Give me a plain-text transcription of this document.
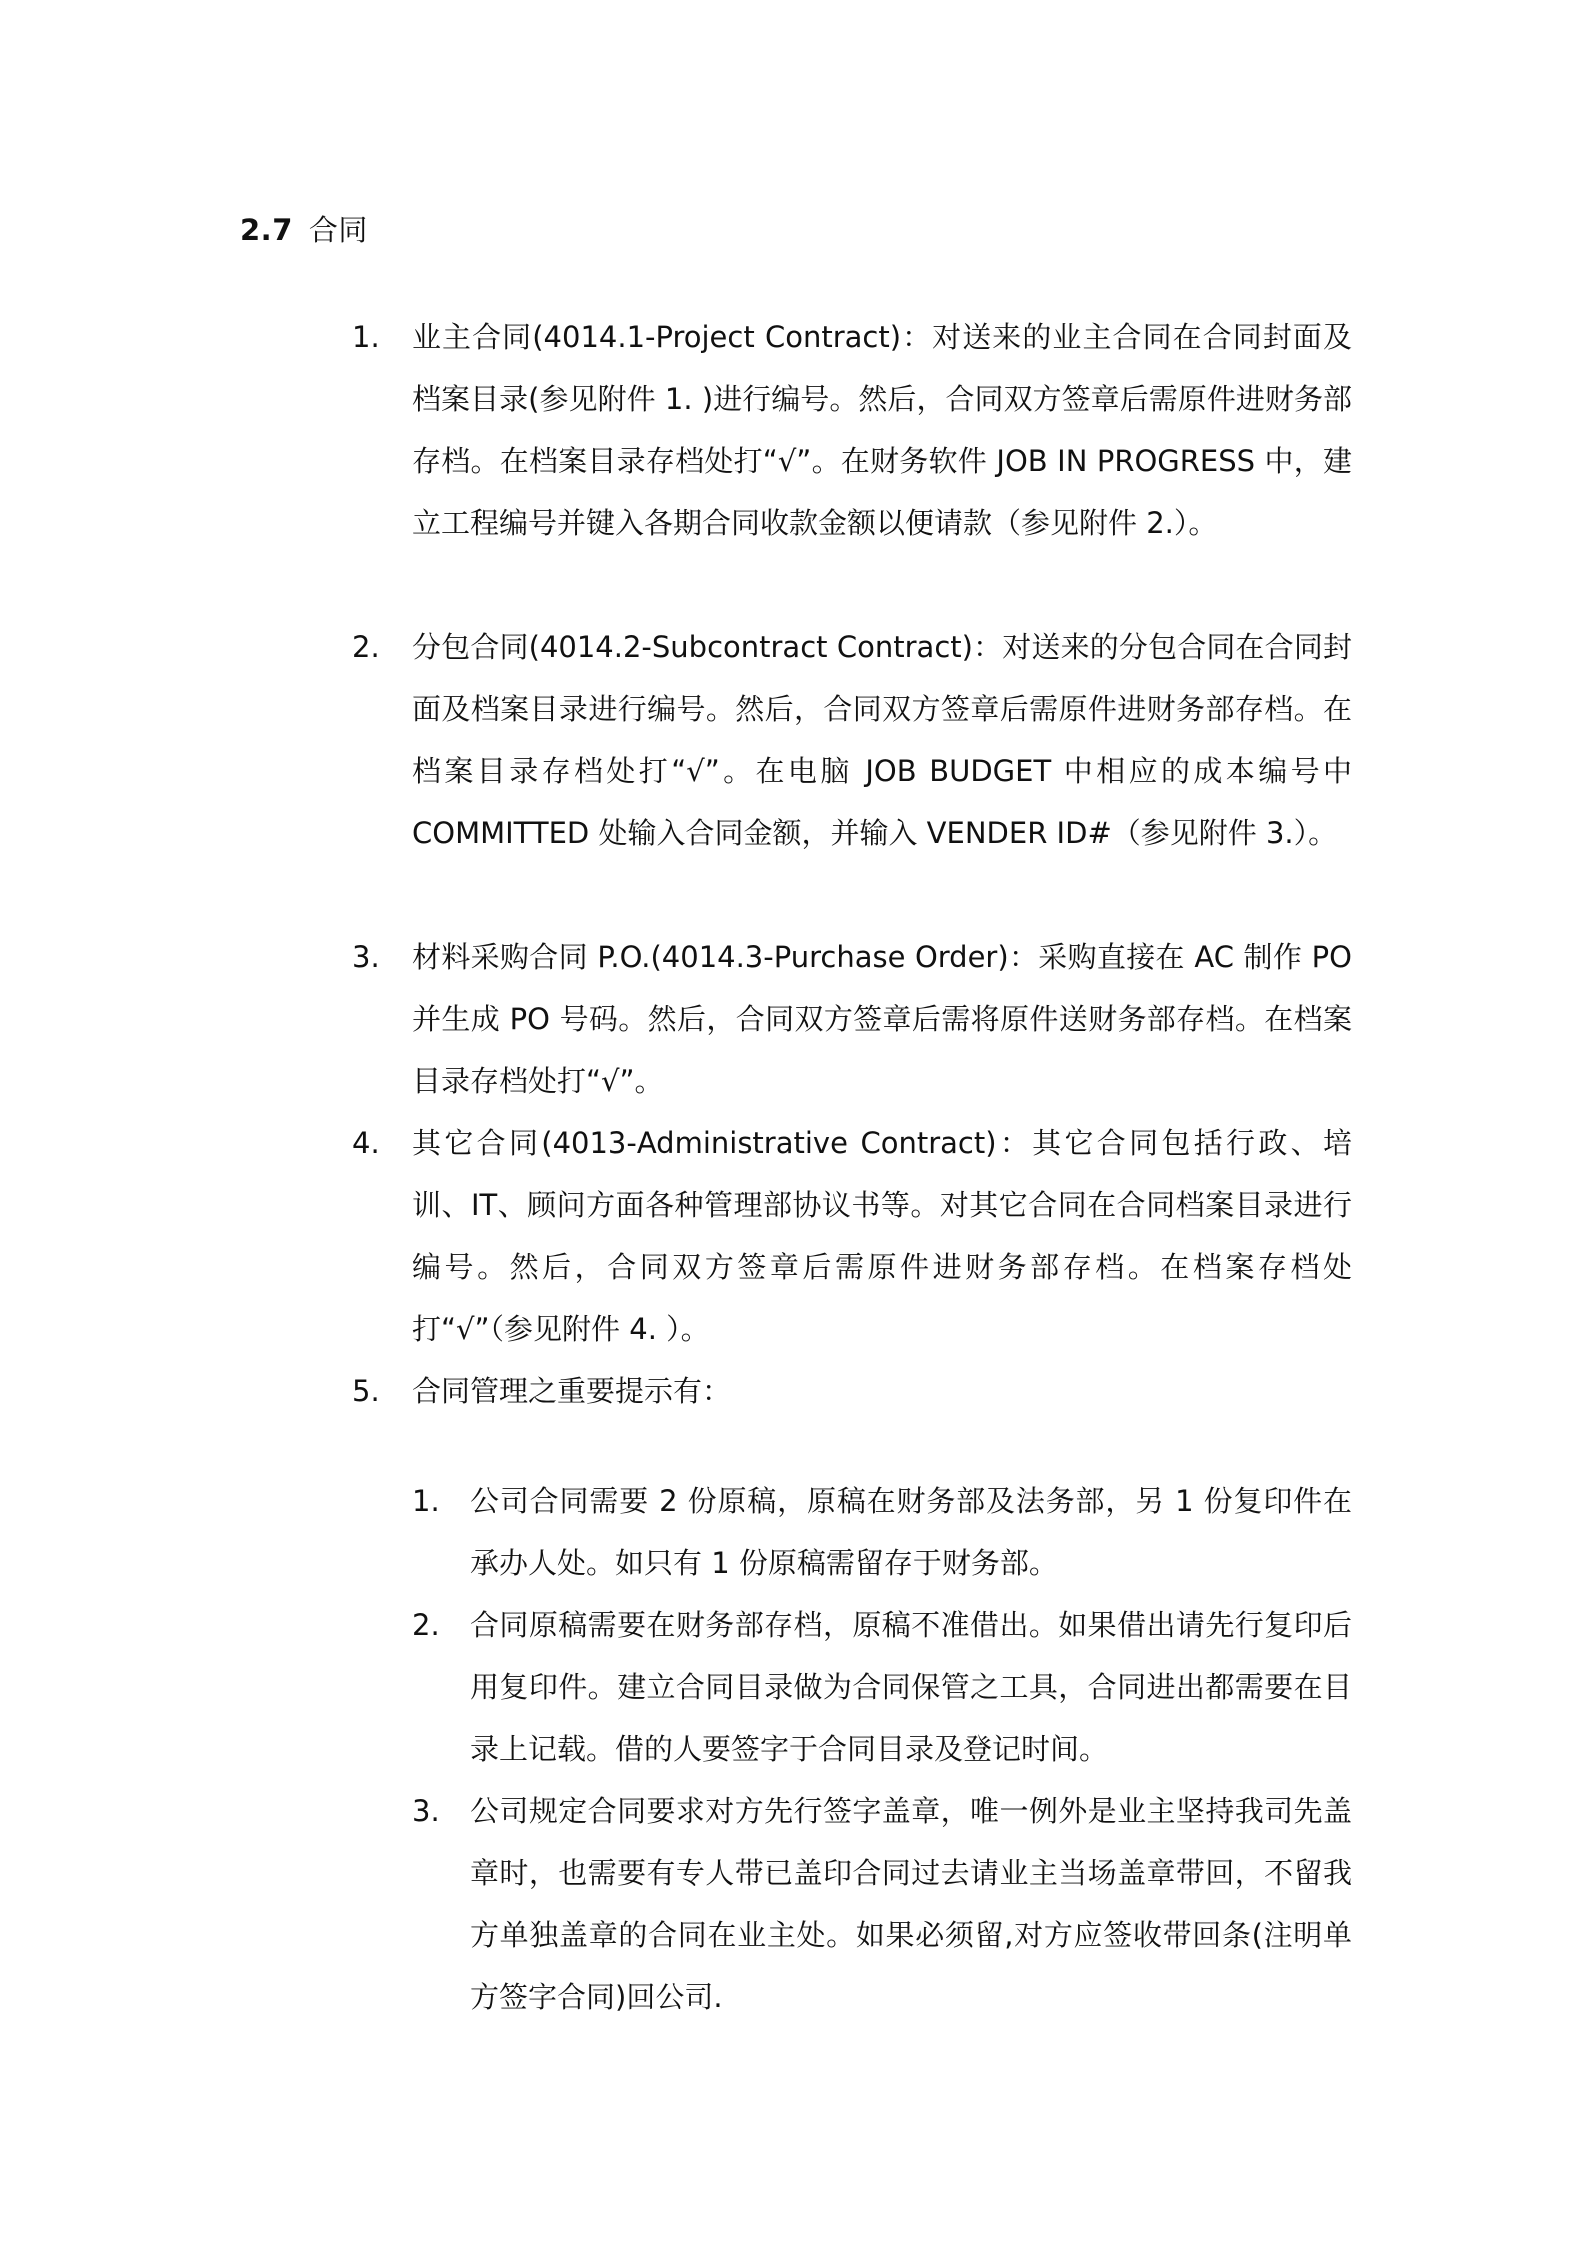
2.7 合同
1. 业主合同(4014.1-Project Contract)：对送来的业主合同在合同封面及档案目录(参见附件 1. )进行编号。然后，合同双方签章后需原件进财务部存档。在档案目录存档处打“√”。在财务软件 JOB IN PROGRESS 中，建立工程编号并键入各期合同收款金额以便请款（参见附件 2.）。
2. 分包合同(4014.2-Subcontract Contract)：对送来的分包合同在合同封面及档案目录进行编号。然后，合同双方签章后需原件进财务部存档。在档案目录存档处打“√”。在电脑 JOB BUDGET 中相应的成本编号中 COMMITTED 处输入合同金额，并输入 VENDER ID#（参见附件 3.）。
3. 材料采购合同 P.O.(4014.3-Purchase Order)：采购直接在 AC 制作 PO 并生成 PO 号码。然后，合同双方签章后需将原件送财务部存档。在档案目录存档处打“√”。
4. 其它合同(4013-Administrative Contract)：其它合同包括行政、培训、IT、顾问方面各种管理部协议书等。对其它合同在合同档案目录进行编号。然后，合同双方签章后需原件进财务部存档。在档案存档处打“√”（参见附件 4. ）。
5. 合同管理之重要提示有：
1. 公司合同需要 2 份原稿，原稿在财务部及法务部，另 1 份复印件在承办人处。如只有 1 份原稿需留存于财务部。
2. 合同原稿需要在财务部存档，原稿不准借出。如果借出请先行复印后用复印件。建立合同目录做为合同保管之工具，合同进出都需要在目录上记载。借的人要签字于合同目录及登记时间。
3. 公司规定合同要求对方先行签字盖章，唯一例外是业主坚持我司先盖章时，也需要有专人带已盖印合同过去请业主当场盖章带回，不留我方单独盖章的合同在业主处。如果必须留,对方应签收带回条(注明单方签字合同)回公司.
